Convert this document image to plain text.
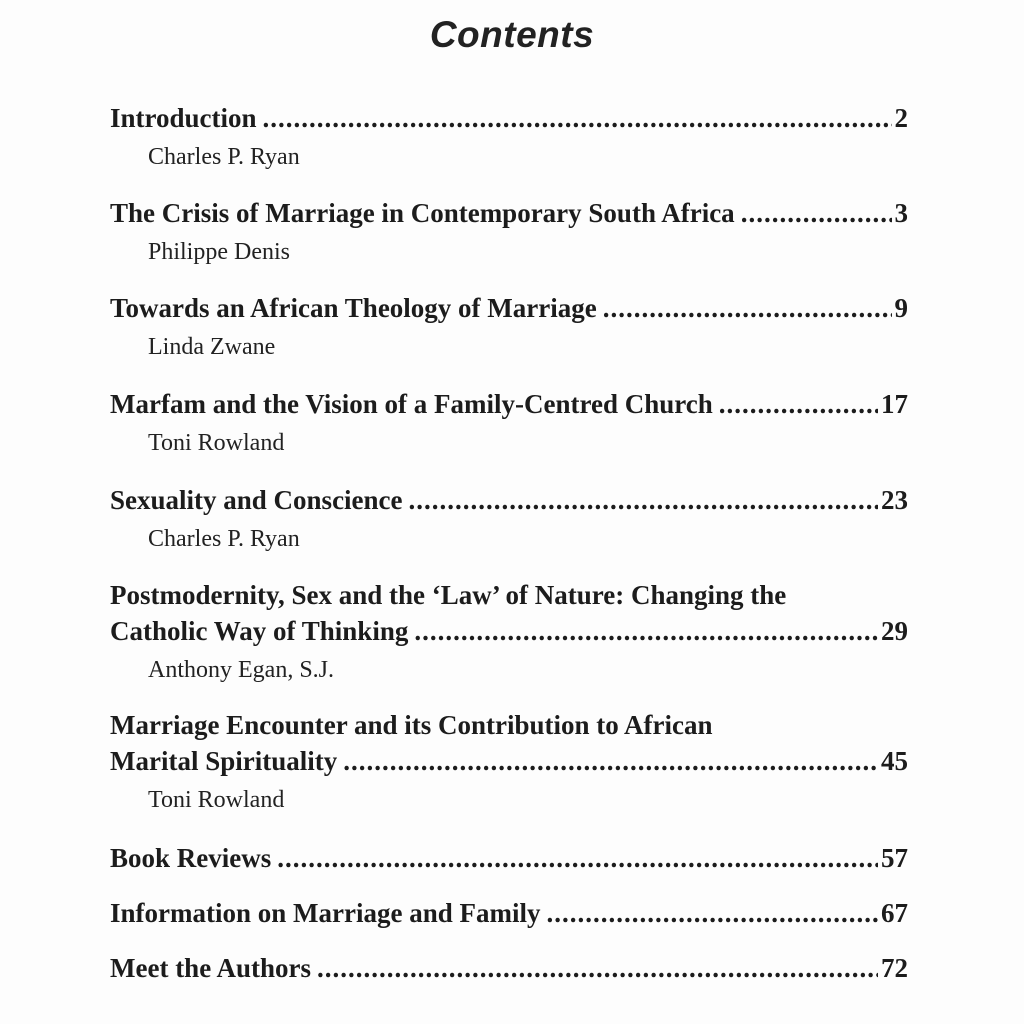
Contents
Introduction .....	2
Charles P. Ryan
The Crisis of Marriage in Contemporary South Africa .....	3
Philippe Denis
Towards an African Theology of Marriage .....	9
Linda Zwane
Marfam and the Vision of a Family-Centred Church .....	17
Toni Rowland
Sexuality and Conscience .....	23
Charles P. Ryan
Postmodernity, Sex and the ‘Law’ of Nature: Changing the
Catholic Way of Thinking .....	29
Anthony Egan, S.J.
Marriage Encounter and its Contribution to African
Marital Spirituality .....	45
Toni Rowland
Book Reviews .....	57
Information on Marriage and Family .....	67
Meet the Authors .....	72
